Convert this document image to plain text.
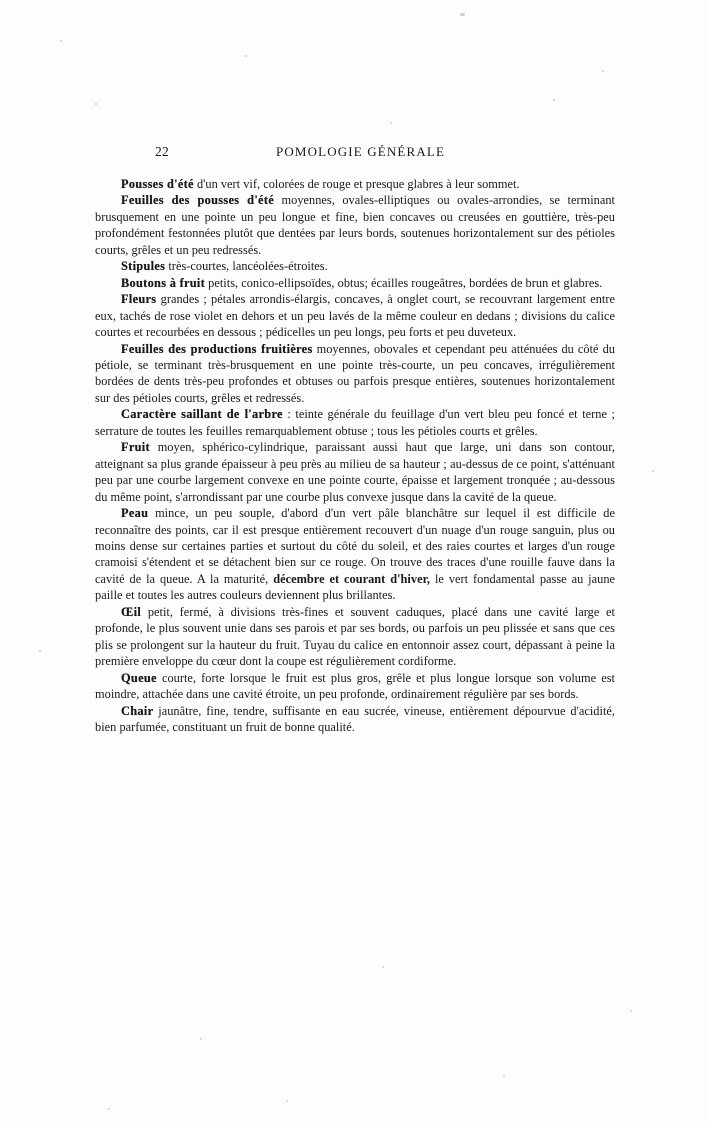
22	POMOLOGIE GÉNÉRALE

Pousses d'été d'un vert vif, colorées de rouge et presque glabres à leur sommet.

Feuilles des pousses d'été moyennes, ovales-elliptiques ou ovales-arrondies, se terminant brusquement en une pointe un peu longue et fine, bien concaves ou creusées en gouttière, très-peu profondément festonnées plutôt que dentées par leurs bords, soutenues horizontalement sur des pétioles courts, grêles et un peu redressés.

Stipules très-courtes, lancéolées-étroites.

Boutons à fruit petits, conico-ellipsoïdes, obtus; écailles rougeâtres, bordées de brun et glabres.

Fleurs grandes ; pétales arrondis-élargis, concaves, à onglet court, se recouvrant largement entre eux, tachés de rose violet en dehors et un peu lavés de la même couleur en dedans ; divisions du calice courtes et recourbées en dessous ; pédicelles un peu longs, peu forts et peu duveteux.

Feuilles des productions fruitières moyennes, obovales et cependant peu atténuées du côté du pétiole, se terminant très-brusquement en une pointe très-courte, un peu concaves, irrégulièrement bordées de dents très-peu profondes et obtuses ou parfois presque entières, soutenues horizontalement sur des pétioles courts, grêles et redressés.

Caractère saillant de l'arbre : teinte générale du feuillage d'un vert bleu peu foncé et terne ; serrature de toutes les feuilles remarquablement obtuse ; tous les pétioles courts et grêles.

Fruit moyen, sphérico-cylindrique, paraissant aussi haut que large, uni dans son contour, atteignant sa plus grande épaisseur à peu près au milieu de sa hauteur ; au-dessus de ce point, s'atténuant peu par une courbe largement convexe en une pointe courte, épaisse et largement tronquée ; au-dessous du même point, s'arrondissant par une courbe plus convexe jusque dans la cavité de la queue.

Peau mince, un peu souple, d'abord d'un vert pâle blanchâtre sur lequel il est difficile de reconnaître des points, car il est presque entièrement recouvert d'un nuage d'un rouge sanguin, plus ou moins dense sur certaines parties et surtout du côté du soleil, et des raies courtes et larges d'un rouge cramoisi s'étendent et se détachent bien sur ce rouge. On trouve des traces d'une rouille fauve dans la cavité de la queue. A la maturité, décembre et courant d'hiver, le vert fondamental passe au jaune paille et toutes les autres couleurs deviennent plus brillantes.

Œil petit, fermé, à divisions très-fines et souvent caduques, placé dans une cavité large et profonde, le plus souvent unie dans ses parois et par ses bords, ou parfois un peu plissée et sans que ces plis se prolongent sur la hauteur du fruit. Tuyau du calice en entonnoir assez court, dépassant à peine la première enveloppe du cœur dont la coupe est régulièrement cordiforme.

Queue courte, forte lorsque le fruit est plus gros, grêle et plus longue lorsque son volume est moindre, attachée dans une cavité étroite, un peu profonde, ordinairement régulière par ses bords.

Chair jaunâtre, fine, tendre, suffisante en eau sucrée, vineuse, entièrement dépourvue d'acidité, bien parfumée, constituant un fruit de bonne qualité.
